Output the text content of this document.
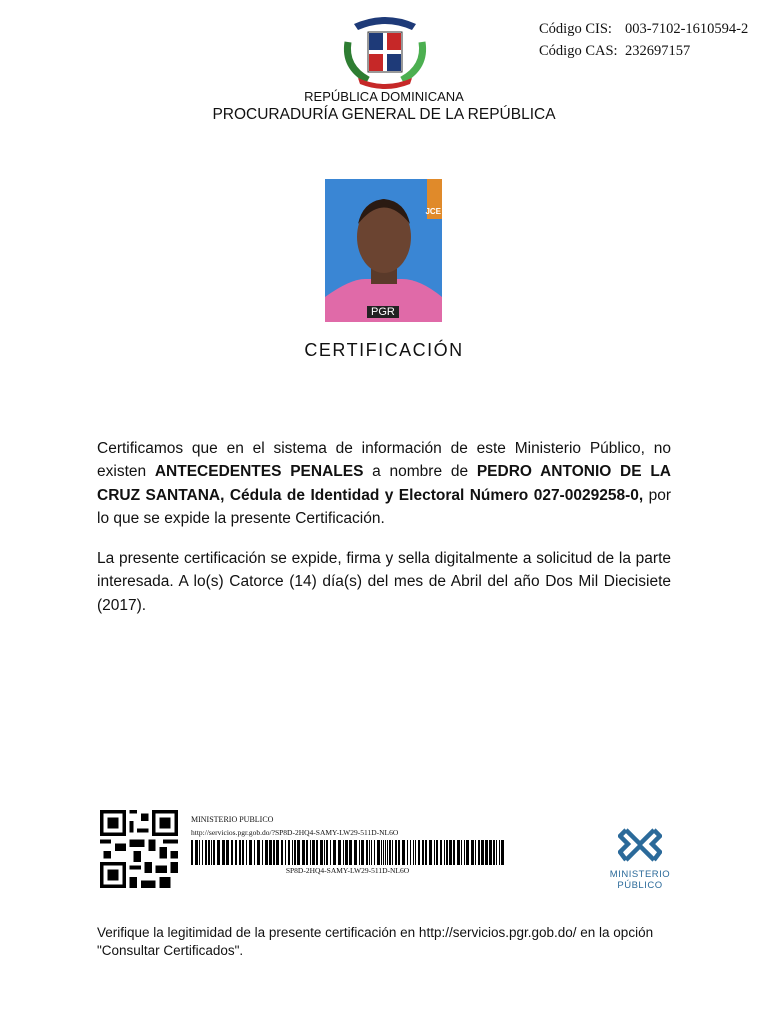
Código CIS: 003-7102-1610594-2
Código CAS: 232697157
REPÚBLICA DOMINICANA
PROCURADURÍA GENERAL DE LA REPÚBLICA
JCE
PGR
CERTIFICACIÓN

Certificamos que en el sistema de información de este Ministerio Público, no existen ANTECEDENTES PENALES a nombre de PEDRO ANTONIO DE LA CRUZ SANTANA, Cédula de Identidad y Electoral Número 027-0029258-0, por lo que se expide la presente Certificación.

La presente certificación se expide, firma y sella digitalmente a solicitud de la parte interesada. A lo(s) Catorce (14) día(s) del mes de Abril del año Dos Mil Diecisiete (2017).

MINISTERIO PUBLICO
http://servicios.pgr.gob.do/?SP8D-2HQ4-SAMY-LW29-511D-NL6O
SP8D-2HQ4-SAMY-LW29-511D-NL6O	MINISTERIO
PÚBLICO
Verifique la legitimidad de la presente certificación en http://servicios.pgr.gob.do/ en la opción "Consultar Certificados".
